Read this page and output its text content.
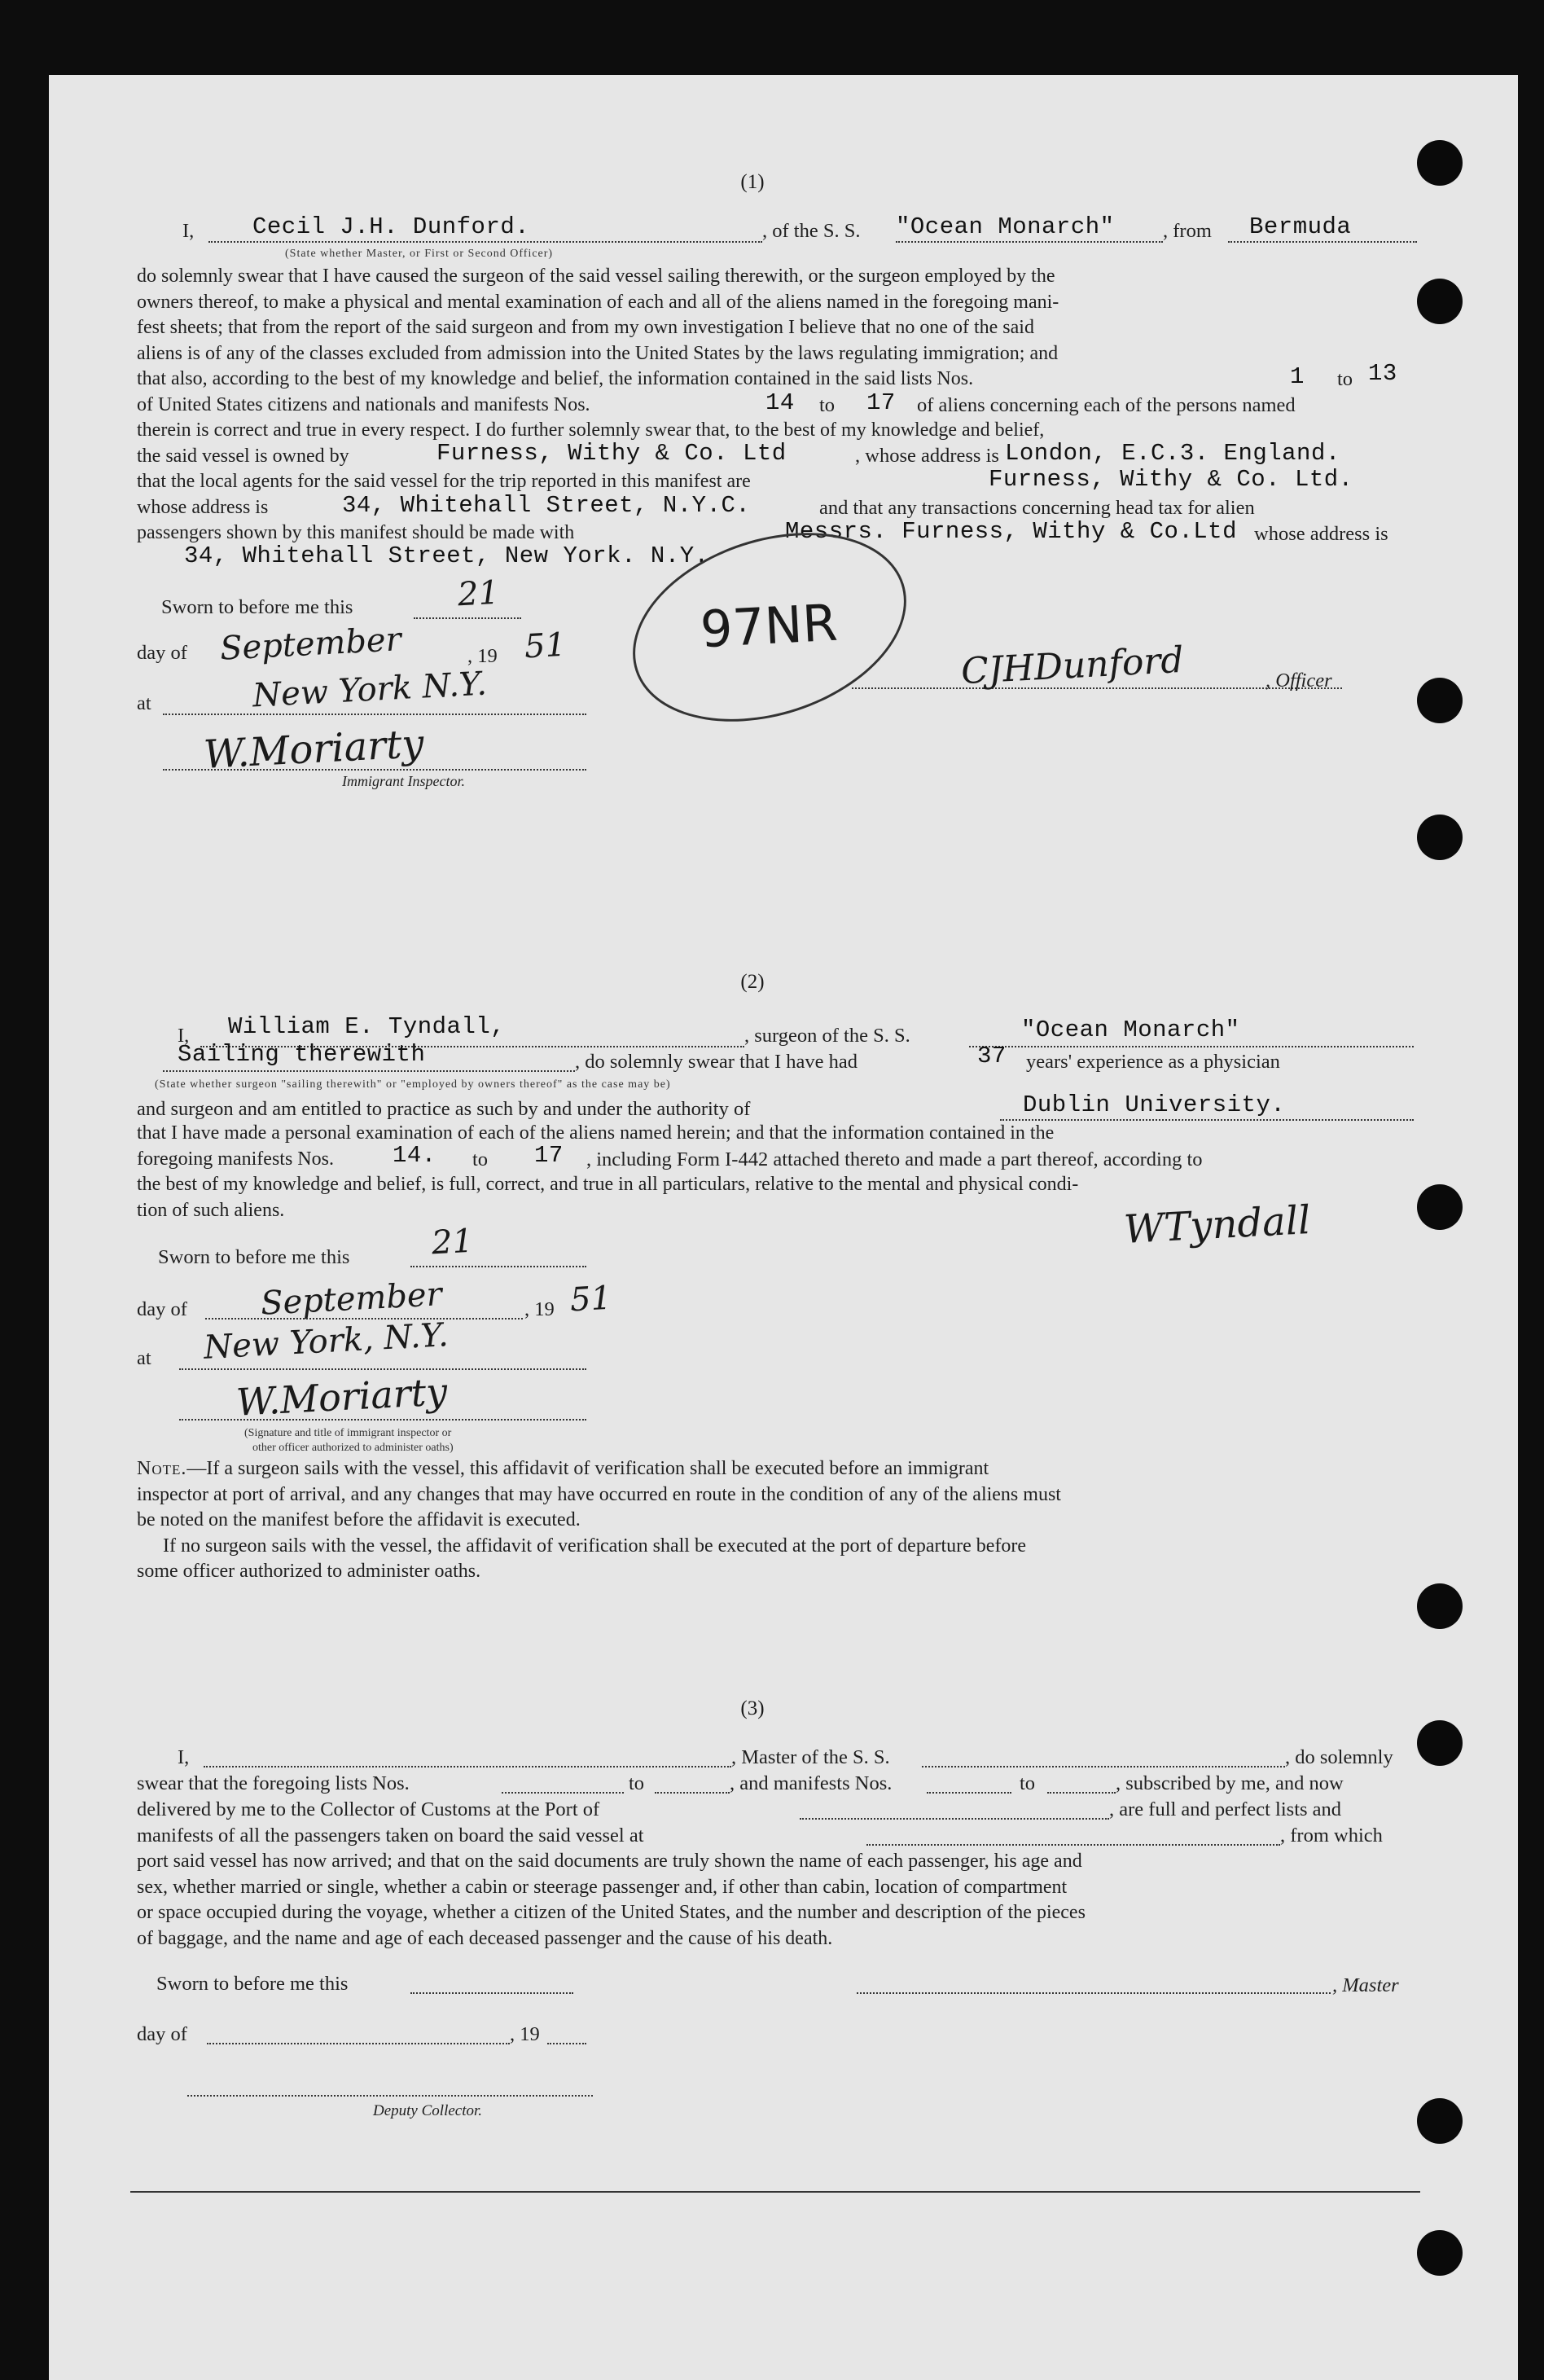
(1)
I, Cecil J.H. Dunford.
(State whether Master, or First or Second Officer)
, of the S. S. "Ocean Monarch" , from Bermuda
do solemnly swear that I have caused the surgeon of the said vessel sailing therewith, or the surgeon employed by the
owners thereof, to make a physical and mental examination of each and all of the aliens named in the foregoing mani-
fest sheets; that from the report of the said surgeon and from my own investigation I believe that no one of the said
aliens is of any of the classes excluded from admission into the United States by the laws regulating immigration; and
that also, according to the best of my knowledge and belief, the information contained in the said lists Nos.
of United States citizens and nationals and manifests Nos.
therein is correct and true in every respect. I do further solemnly swear that, to the best of my knowledge and belief,
the said vessel is owned by
that the local agents for the said vessel for the trip reported in this manifest are
whose address is
passengers shown by this manifest should be made with
1 to 13
14 to 17 of aliens concerning each of the persons named
Furness, Withy & Co. Ltd	, whose address is London, E.C.3. England.
Furness, Withy & Co. Ltd.
34, Whitehall Street, N.Y.C.	and that any transactions concerning head tax for alien
Messrs. Furness, Withy & Co.Ltd whose address is
34, Whitehall Street, New York. N.Y.
Sworn to before me this	21
day of September	, 19 51
at	New York N.Y.
W.Moriarty
Immigrant Inspector.
97NR
CJHDunford	, Officer
(2)
I, William E. Tyndall,	, surgeon of the S. S.	"Ocean Monarch"
Sailing therewith	, do solemnly swear that I have had	37 years' experience as a physician
(State whether surgeon "sailing therewith" or "employed by owners thereof" as the case may be)
and surgeon and am entitled to practice as such by and under the authority of	Dublin University.
that I have made a personal examination of each of the aliens named herein; and that the information contained in the
foregoing manifests Nos.
the best of my knowledge and belief, is full, correct, and true in all particulars, relative to the mental and physical condi-
tion of such aliens.
14. to 17 , including Form I-442 attached thereto and made a part thereof, according to
WTyndall
Sworn to before me this 21
day of September	, 19 51
at New York, N.Y.
W.Moriarty
(Signature and title of immigrant inspector or
other officer authorized to administer oaths)
Note.—If a surgeon sails with the vessel, this affidavit of verification shall be executed before an immigrant
inspector at port of arrival, and any changes that may have occurred en route in the condition of any of the aliens must
be noted on the manifest before the affidavit is executed.
If no surgeon sails with the vessel, the affidavit of verification shall be executed at the port of departure before
some officer authorized to administer oaths.
(3)
I,	, Master of the S. S.	, do solemnly
swear that the foregoing lists Nos.	to	, and manifests Nos.	to	, subscribed by me, and now
delivered by me to the Collector of Customs at the Port of	, are full and perfect lists and
manifests of all the passengers taken on board the said vessel at	, from which
port said vessel has now arrived; and that on the said documents are truly shown the name of each passenger, his age and
sex, whether married or single, whether a cabin or steerage passenger and, if other than cabin, location of compartment
or space occupied during the voyage, whether a citizen of the United States, and the number and description of the pieces
of baggage, and the name and age of each deceased passenger and the cause of his death.
Sworn to before me this	, Master
day of	, 19
Deputy Collector.
